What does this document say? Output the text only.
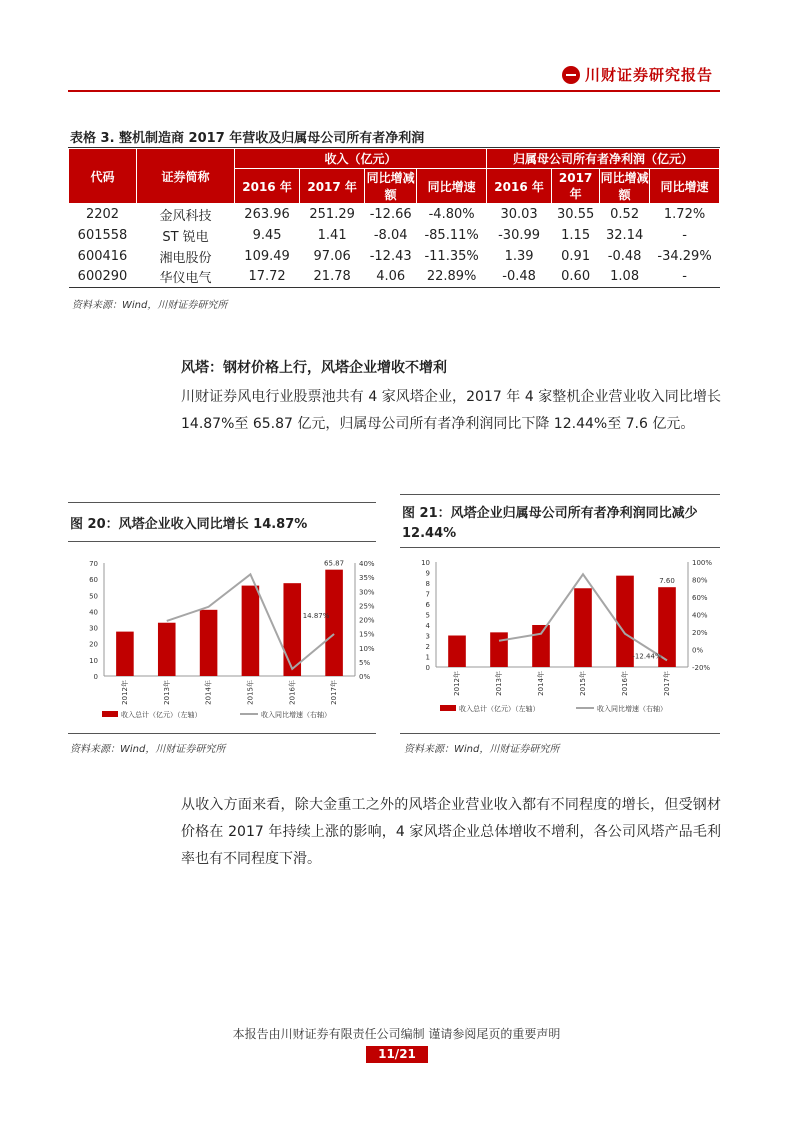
川财证券研究报告
表格 3. 整机制造商 2017 年营收及归属母公司所有者净利润
代码	证券简称	收入（亿元）				归属母公司所有者净利润（亿元）			
		2016 年	2017 年	同比增减额	同比增速	2016 年	2017 年	同比增减额	同比增速
2202	金风科技	263.96	251.29	-12.66	-4.80%	30.03	30.55	0.52	1.72%
601558	ST 锐电	9.45	1.41	-8.04	-85.11%	-30.99	1.15	32.14	-
600416	湘电股份	109.49	97.06	-12.43	-11.35%	1.39	0.91	-0.48	-34.29%
600290	华仪电气	17.72	21.78	4.06	22.89%	-0.48	0.60	1.08	-
资料来源：Wind，川财证券研究所
风塔：钢材价格上行，风塔企业增收不增利
川财证券风电行业股票池共有 4 家风塔企业，2017 年 4 家整机企业营业收入同比增长 14.87%至 65.87 亿元，归属母公司所有者净利润同比下降 12.44%至 7.6 亿元。
图 20：风塔企业收入同比增长 14.87%
0
10
20
30
40
50
60
70
0%
5%
10%
15%
20%
25%
30%
35%
40%
65.87
14.87%
2012年	2013年	2014年	2015年	2016年	2017年
收入总计（亿元）（左轴）	收入同比增速（右轴）
资料来源：Wind，川财证券研究所
图 21：风塔企业归属母公司所有者净利润同比减少 12.44%
0
1
2
3
4
5
6
7
8
9
10
-20%
0%
20%
40%
60%
80%
100%
7.60
-12.44%
2012年	2013年	2014年	2015年	2016年	2017年
收入总计（亿元）（左轴）	收入同比增速（右轴）
资料来源：Wind，川财证券研究所
从收入方面来看，除大金重工之外的风塔企业营业收入都有不同程度的增长，但受钢材价格在 2017 年持续上涨的影响，4 家风塔企业总体增收不增利，各公司风塔产品毛利率也有不同程度下滑。
本报告由川财证券有限责任公司编制 谨请参阅尾页的重要声明
11/21
